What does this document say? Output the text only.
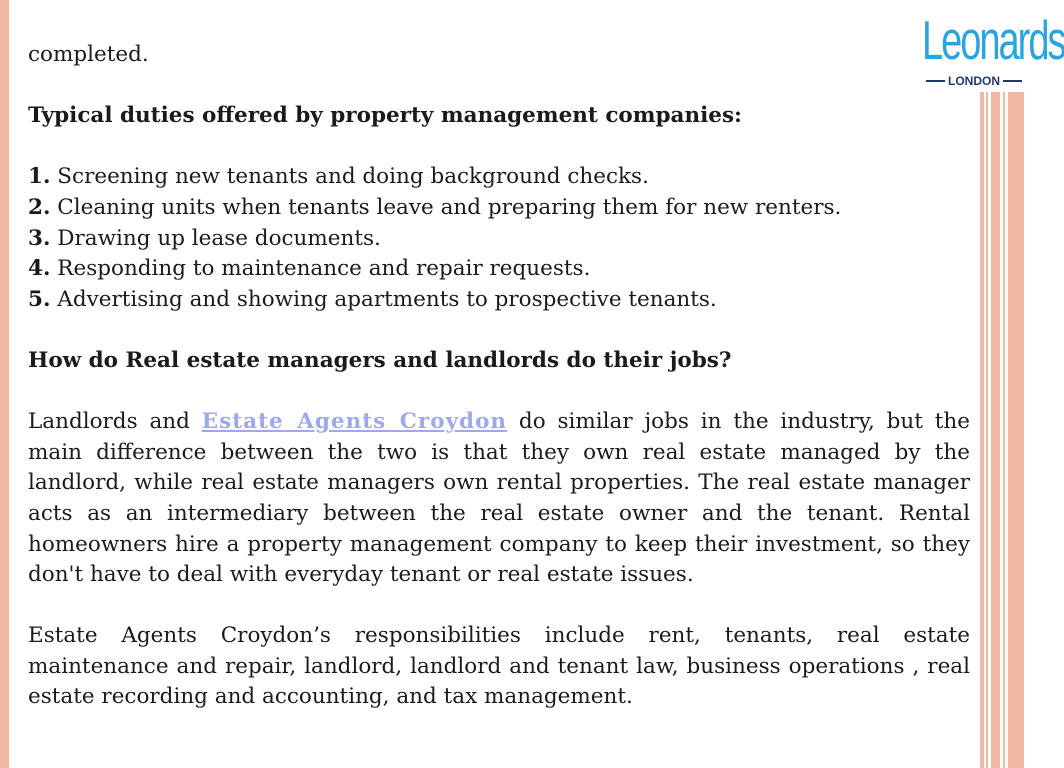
Leonards
LONDON

completed.

Typical duties offered by property management companies:

1. Screening new tenants and doing background checks.

2. Cleaning units when tenants leave and preparing them for new renters.

3. Drawing up lease documents.

4. Responding to maintenance and repair requests.

5. Advertising and showing apartments to prospective tenants.

How do Real estate managers and landlords do their jobs?

Landlords and Estate Agents Croydon do similar jobs in the industry, but the main difference between the two is that they own real estate managed by the landlord, while real estate managers own rental properties. The real estate manager acts as an intermediary between the real estate owner and the tenant. Rental homeowners hire a property management company to keep their investment, so they don't have to deal with everyday tenant or real estate issues.

Estate Agents Croydon’s responsibilities include rent, tenants, real estate maintenance and repair, landlord, landlord and tenant law, business operations , real estate recording and accounting, and tax management.
